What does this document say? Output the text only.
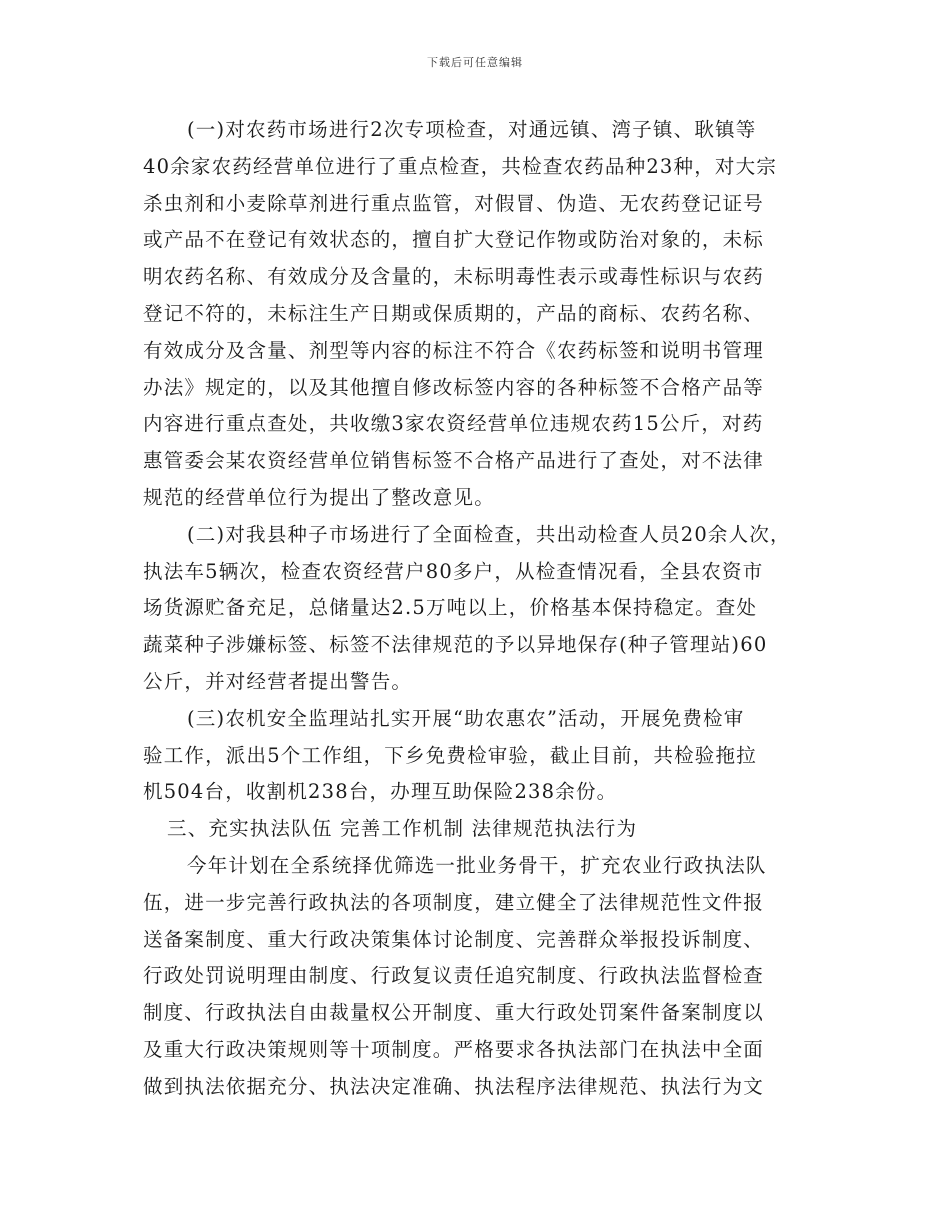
下载后可任意编辑
(一)对农药市场进行2次专项检查，对通远镇、湾子镇、耿镇等
40余家农药经营单位进行了重点检查，共检查农药品种23种，对大宗
杀虫剂和小麦除草剂进行重点监管，对假冒、伪造、无农药登记证号
或产品不在登记有效状态的，擅自扩大登记作物或防治对象的，未标
明农药名称、有效成分及含量的，未标明毒性表示或毒性标识与农药
登记不符的，未标注生产日期或保质期的，产品的商标、农药名称、
有效成分及含量、剂型等内容的标注不符合《农药标签和说明书管理
办法》规定的，以及其他擅自修改标签内容的各种标签不合格产品等
内容进行重点查处，共收缴3家农资经营单位违规农药15公斤，对药
惠管委会某农资经营单位销售标签不合格产品进行了查处，对不法律
规范的经营单位行为提出了整改意见。
(二)对我县种子市场进行了全面检查，共出动检查人员20余人次，
执法车5辆次，检查农资经营户80多户，从检查情况看，全县农资市
场货源贮备充足，总储量达2.5万吨以上，价格基本保持稳定。查处
蔬菜种子涉嫌标签、标签不法律规范的予以异地保存(种子管理站)60
公斤，并对经营者提出警告。
(三)农机安全监理站扎实开展“助农惠农”活动，开展免费检审
验工作，派出5个工作组，下乡免费检审验，截止目前，共检验拖拉
机504台，收割机238台，办理互助保险238余份。
三、充实执法队伍 完善工作机制 法律规范执法行为
今年计划在全系统择优筛选一批业务骨干，扩充农业行政执法队
伍，进一步完善行政执法的各项制度，建立健全了法律规范性文件报
送备案制度、重大行政决策集体讨论制度、完善群众举报投诉制度、
行政处罚说明理由制度、行政复议责任追究制度、行政执法监督检查
制度、行政执法自由裁量权公开制度、重大行政处罚案件备案制度以
及重大行政决策规则等十项制度。严格要求各执法部门在执法中全面
做到执法依据充分、执法决定准确、执法程序法律规范、执法行为文
